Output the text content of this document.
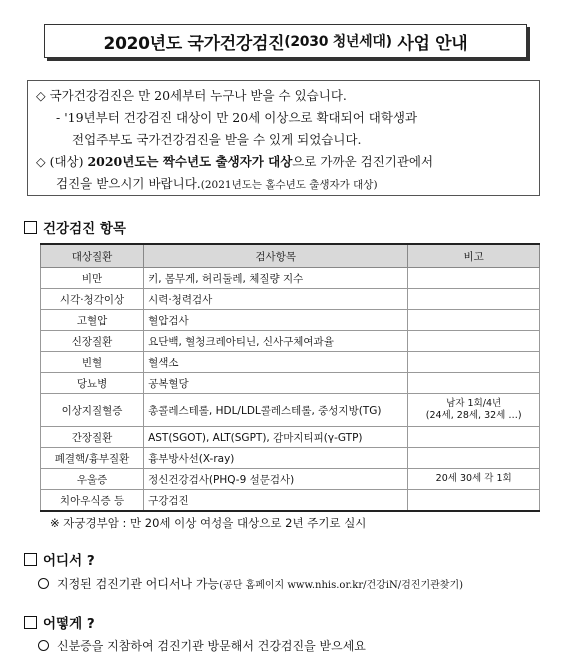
2020년도 국가건강검진 (2030 청년세대) 사업 안내
◇ 국가건강검진은 만 20세부터 누구나 받을 수 있습니다.
- '19년부터 건강검진 대상이 만 20세 이상으로 확대되어 대학생과
전업주부도 국가건강검진을 받을 수 있게 되었습니다.
◇ (대상) 2020년도는 짝수년도 출생자가 대상으로 가까운 검진기관에서
검진을 받으시기 바랍니다.(2021년도는 홀수년도 출생자가 대상)
건강검진 항목
대상질환	검사항목	비고
비만	키, 몸무게, 허리둘레, 체질량 지수	
시각·청각이상	시력·청력검사	
고혈압	혈압검사	
신장질환	요단백, 혈청크레아티닌, 신사구체여과율	
빈혈	혈색소	
당뇨병	공복혈당	
이상지질혈증	총콜레스테롤, HDL/LDL콜레스테롤, 중성지방(TG)	남자 1회/4년
(24세, 28세, 32세 …)

간장질환	AST(SGOT), ALT(SGPT), 감마지티피(γ-GTP)	
폐결핵/흉부질환	흉부방사선(X-ray)	
우울증	정신건강검사(PHQ-9 설문검사)	20세 30세 각 1회
치아우식증 등	구강검진	
※ 자궁경부암 : 만 20세 이상 여성을 대상으로 2년 주기로 실시
어디서 ?
지정된 검진기관 어디서나 가능(공단 홈페이지 www.nhis.or.kr/건강iN/검진기관찾기)
어떻게 ?
신분증을 지참하여 검진기관 방문해서 건강검진을 받으세요
